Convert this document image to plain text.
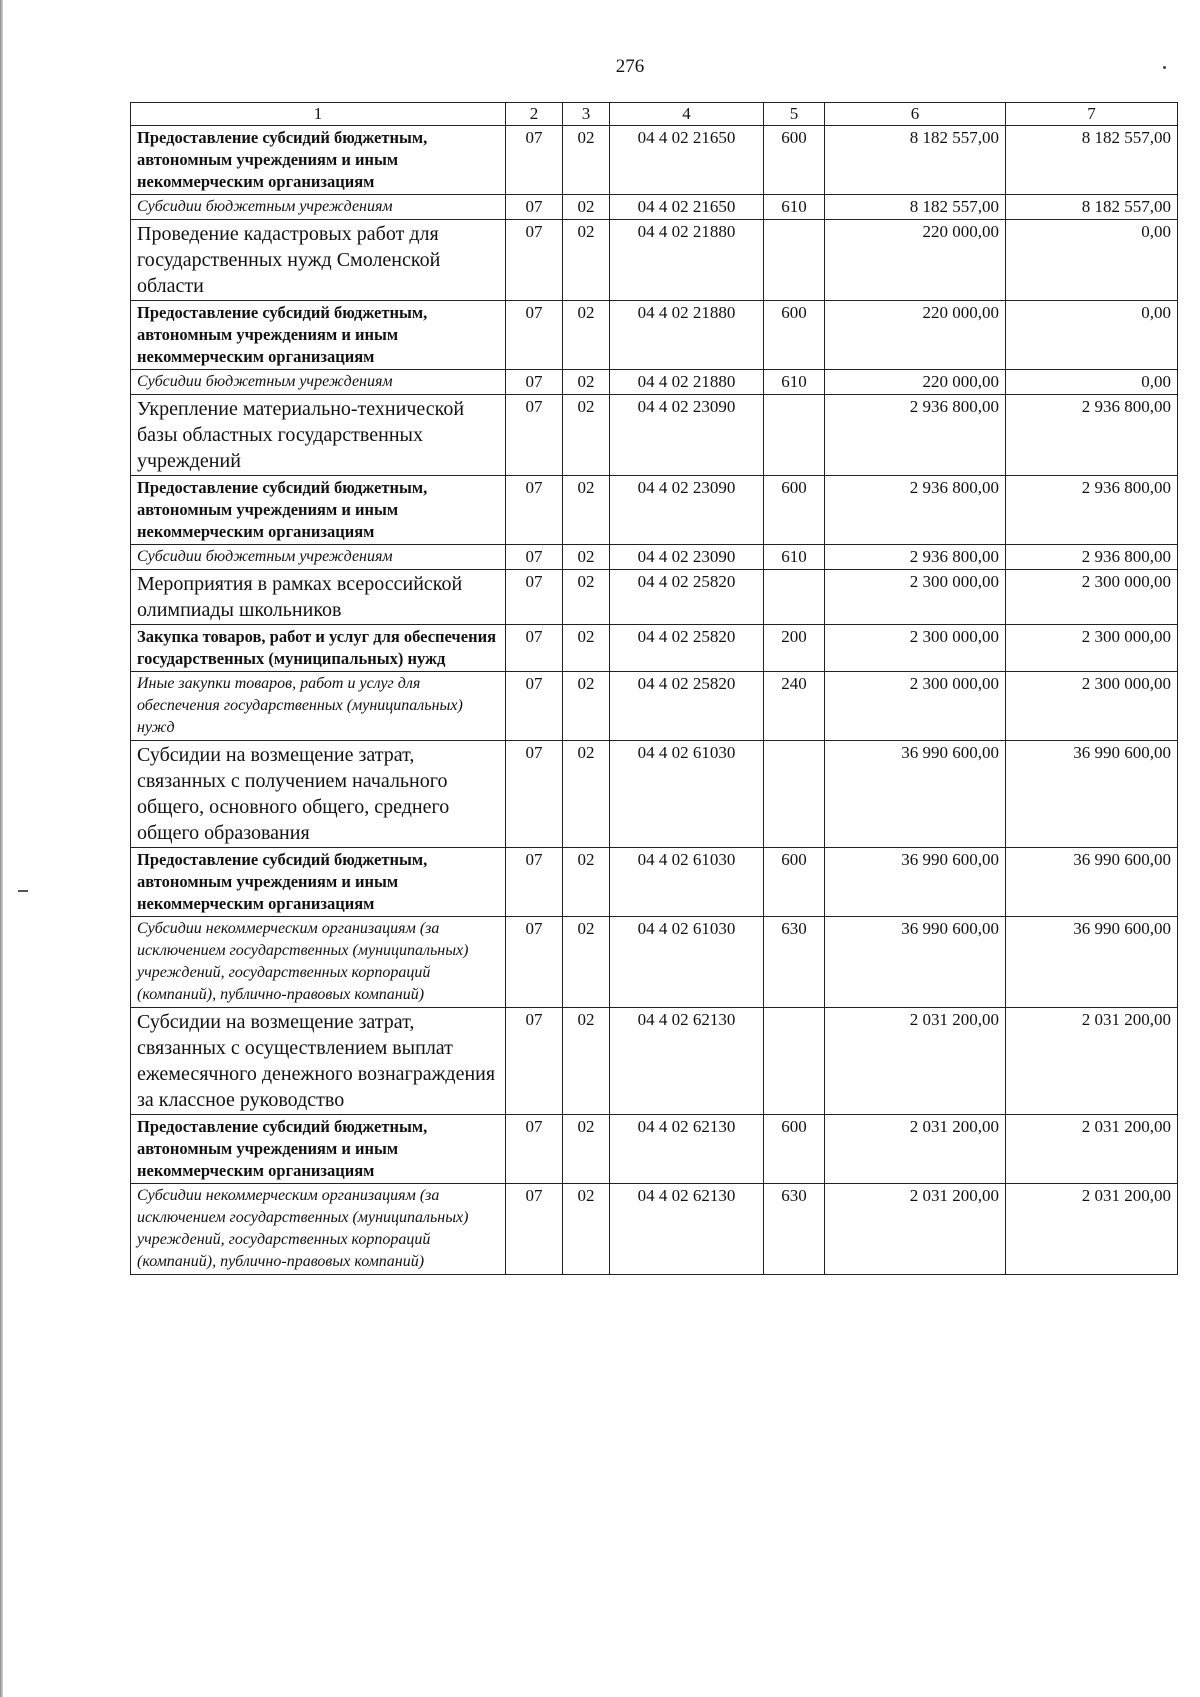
276
1	2	3	4	5	6	7
Предоставление субсидий бюджетным, автономным учреждениям и иным некоммерческим организациям	07	02	04 4 02 21650	600	8 182 557,00	8 182 557,00
Субсидии бюджетным учреждениям	07	02	04 4 02 21650	610	8 182 557,00	8 182 557,00
Проведение кадастровых работ для государственных нужд Смоленской области	07	02	04 4 02 21880		220 000,00	0,00
Предоставление субсидий бюджетным, автономным учреждениям и иным некоммерческим организациям	07	02	04 4 02 21880	600	220 000,00	0,00
Субсидии бюджетным учреждениям	07	02	04 4 02 21880	610	220 000,00	0,00
Укрепление материально-технической базы областных государственных учреждений	07	02	04 4 02 23090		2 936 800,00	2 936 800,00
Предоставление субсидий бюджетным, автономным учреждениям и иным некоммерческим организациям	07	02	04 4 02 23090	600	2 936 800,00	2 936 800,00
Субсидии бюджетным учреждениям	07	02	04 4 02 23090	610	2 936 800,00	2 936 800,00
Мероприятия в рамках всероссийской олимпиады школьников	07	02	04 4 02 25820		2 300 000,00	2 300 000,00
Закупка товаров, работ и услуг для обеспечения государственных (муниципальных) нужд	07	02	04 4 02 25820	200	2 300 000,00	2 300 000,00
Иные закупки товаров, работ и услуг для обеспечения государственных (муниципальных) нужд	07	02	04 4 02 25820	240	2 300 000,00	2 300 000,00
Субсидии на возмещение затрат, связанных с получением начального общего, основного общего, среднего общего образования	07	02	04 4 02 61030		36 990 600,00	36 990 600,00
Предоставление субсидий бюджетным, автономным учреждениям и иным некоммерческим организациям	07	02	04 4 02 61030	600	36 990 600,00	36 990 600,00
Субсидии некоммерческим организациям (за исключением государственных (муниципальных) учреждений, государственных корпораций (компаний), публично-правовых компаний)	07	02	04 4 02 61030	630	36 990 600,00	36 990 600,00
Субсидии на возмещение затрат, связанных с осуществлением выплат ежемесячного денежного вознаграждения за классное руководство	07	02	04 4 02 62130		2 031 200,00	2 031 200,00
Предоставление субсидий бюджетным, автономным учреждениям и иным некоммерческим организациям	07	02	04 4 02 62130	600	2 031 200,00	2 031 200,00
Субсидии некоммерческим организациям (за исключением государственных (муниципальных) учреждений, государственных корпораций (компаний), публично-правовых компаний)	07	02	04 4 02 62130	630	2 031 200,00	2 031 200,00
